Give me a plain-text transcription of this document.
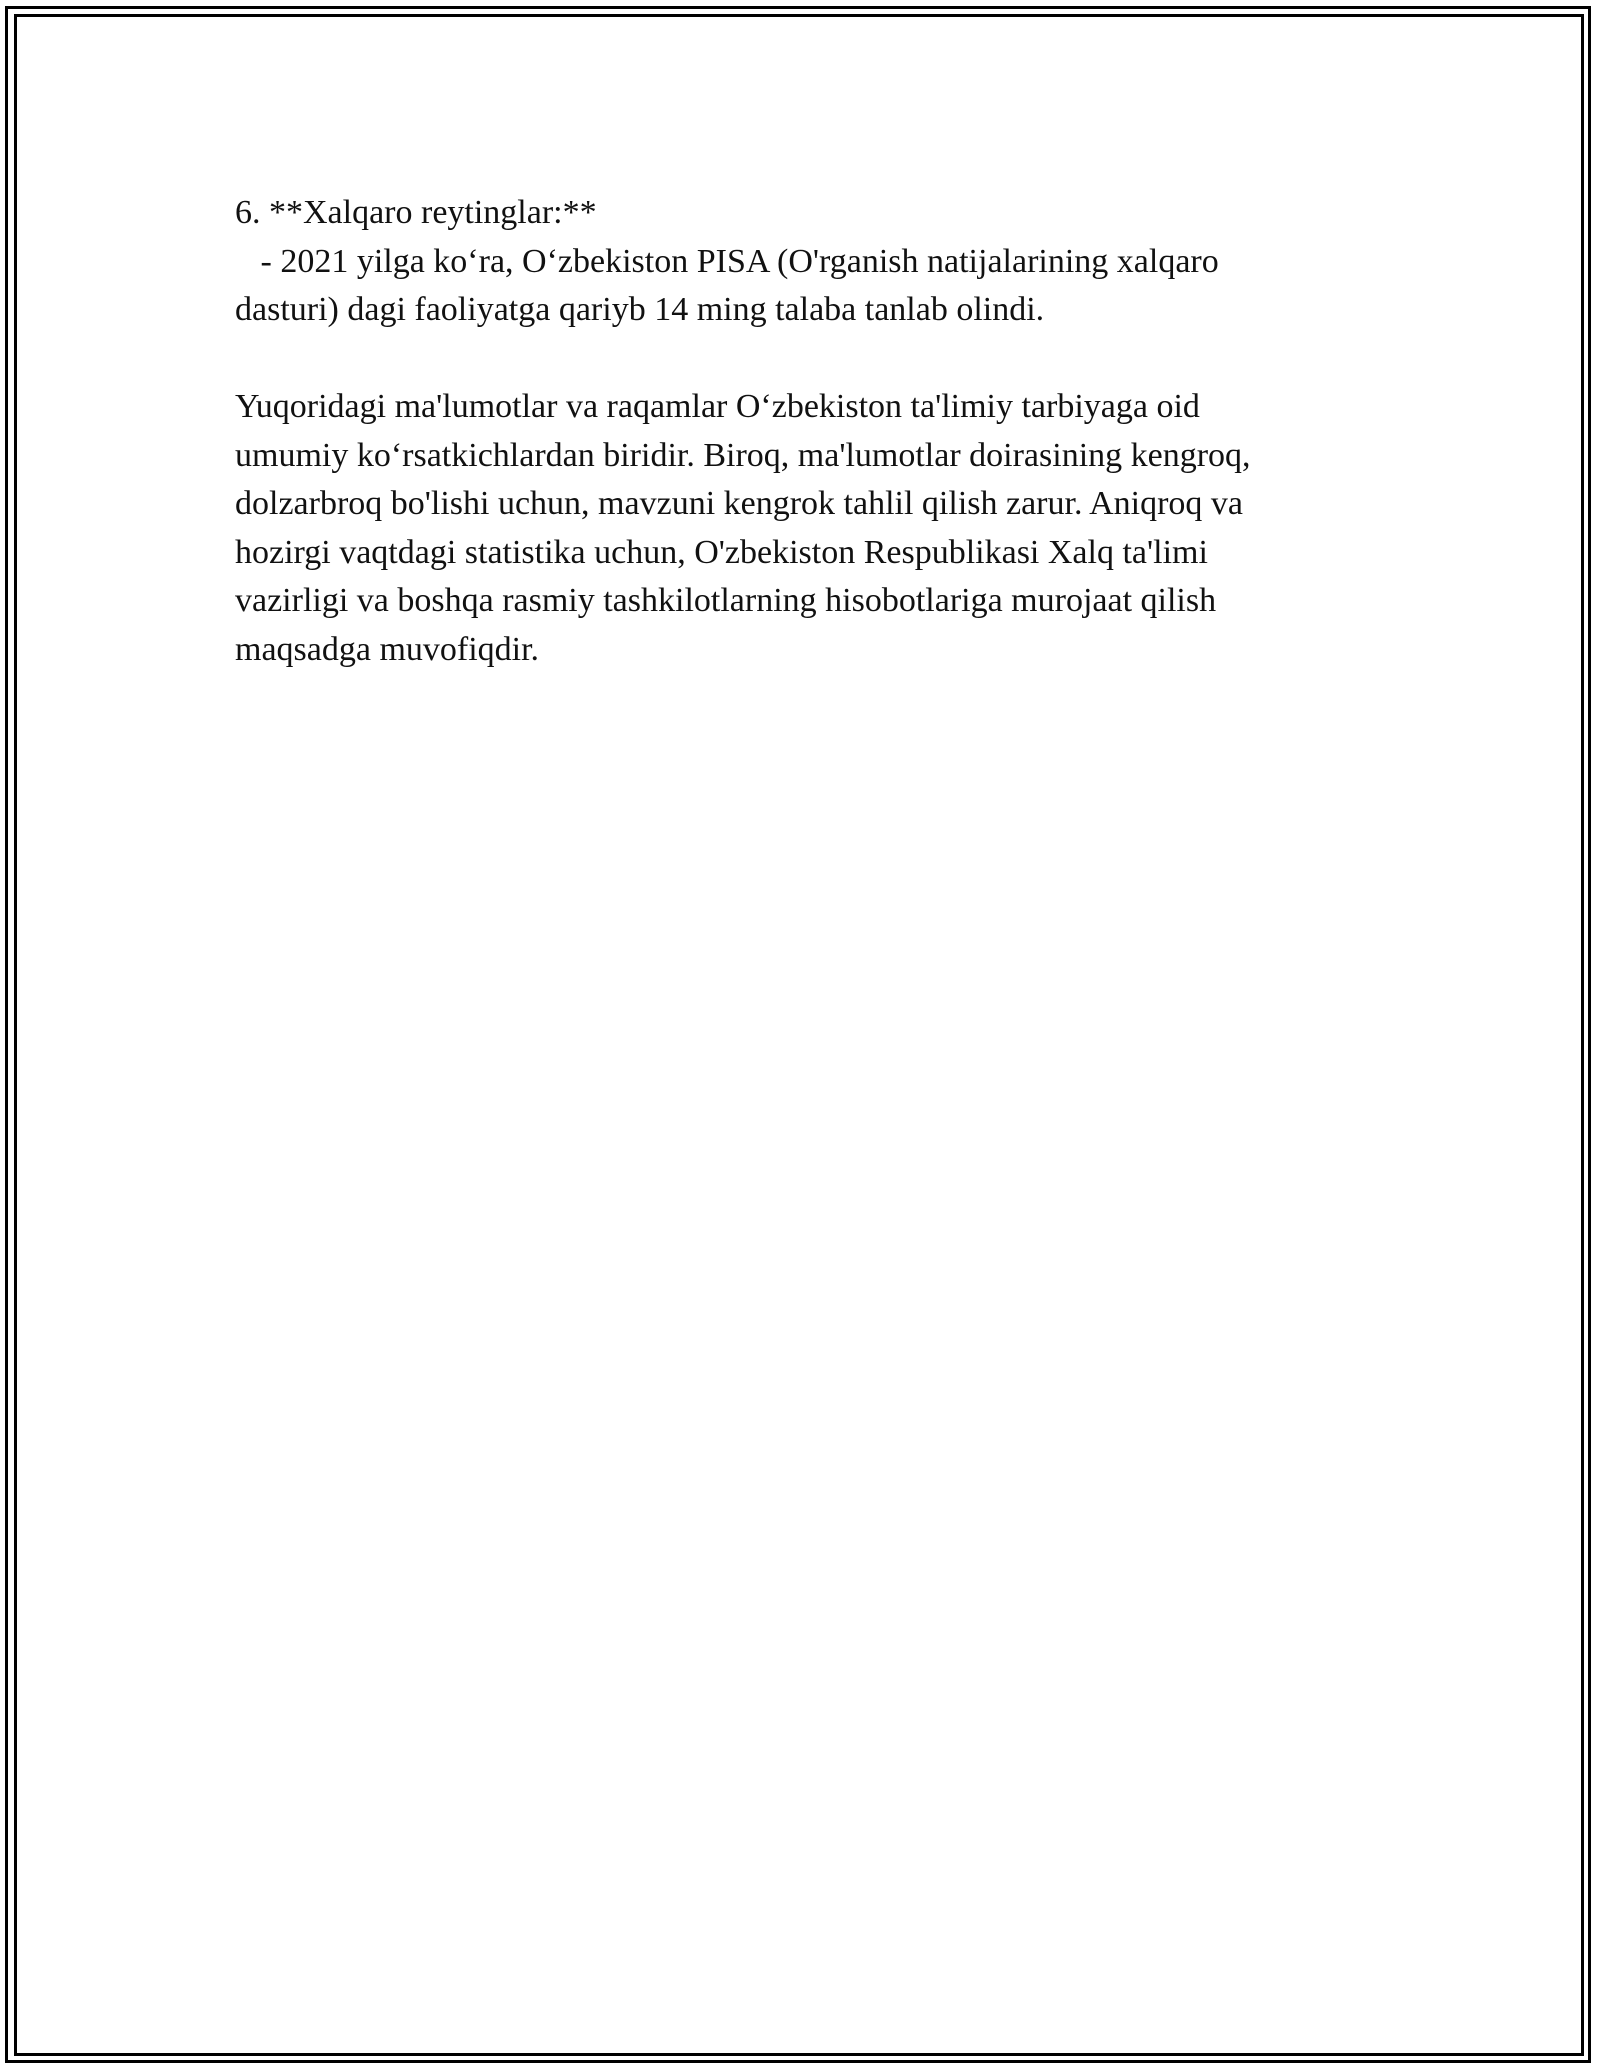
6. **Xalqaro reytinglar:**

- 2021 yilga ko‘ra, O‘zbekiston PISA (O'rganish natijalarining xalqaro

dasturi) dagi faoliyatga qariyb 14 ming talaba tanlab olindi.

Yuqoridagi ma'lumotlar va raqamlar O‘zbekiston ta'limiy tarbiyaga oid

umumiy ko‘rsatkichlardan biridir. Biroq, ma'lumotlar doirasining kengroq,

dolzarbroq bo'lishi uchun, mavzuni kengrok tahlil qilish zarur. Aniqroq va

hozirgi vaqtdagi statistika uchun, O'zbekiston Respublikasi Xalq ta'limi

vazirligi va boshqa rasmiy tashkilotlarning hisobotlariga murojaat qilish

maqsadga muvofiqdir.
